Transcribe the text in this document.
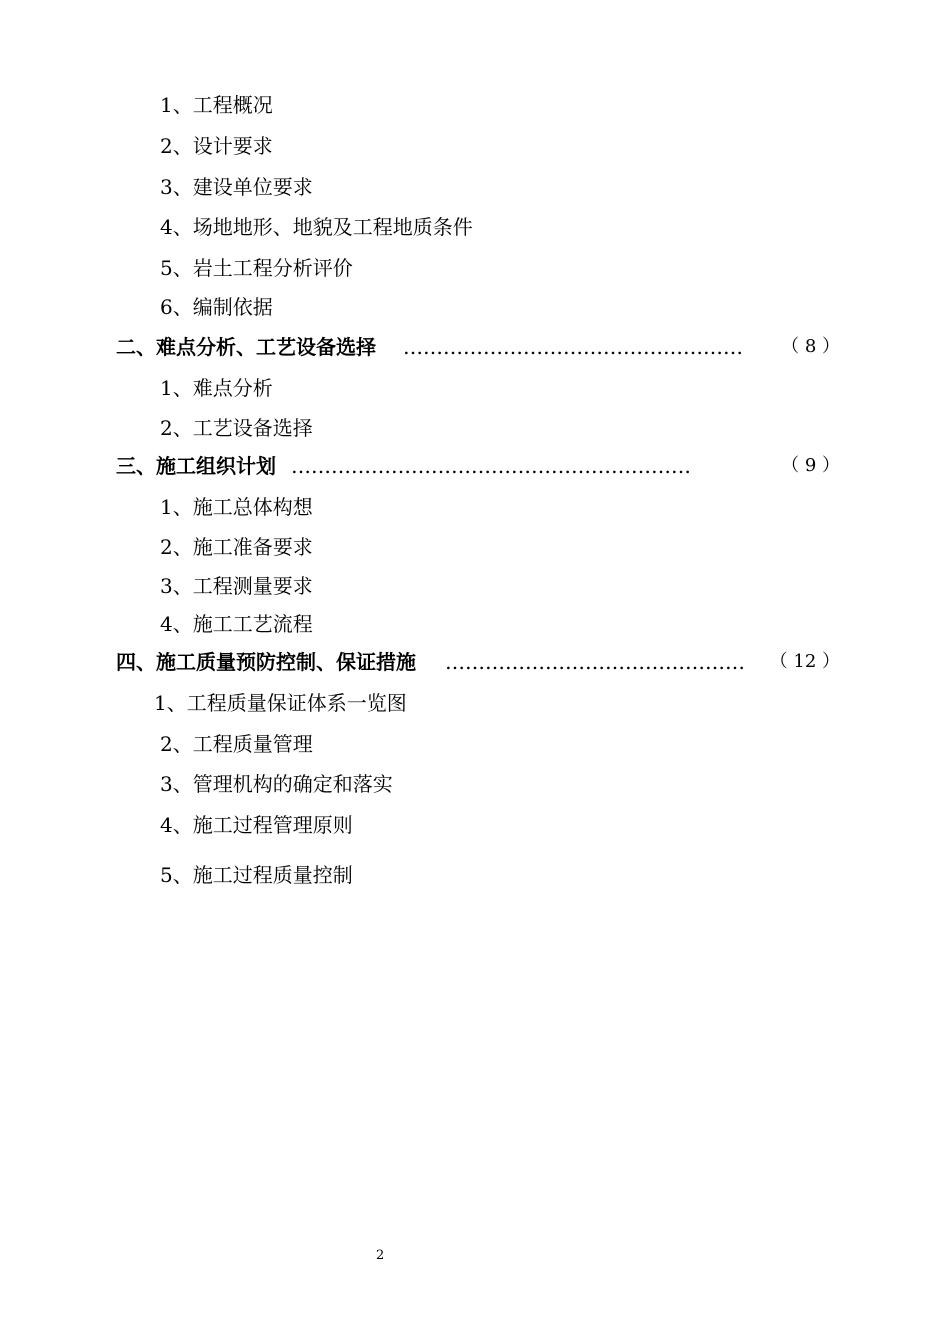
1、工程概况
2、设计要求
3、建设单位要求
4、场地地形、地貌及工程地质条件
5、岩土工程分析评价
6、编制依据
二、难点分析、工艺设备选择 ……………………………………………	（ 8 ）
1、难点分析
2、工艺设备选择
三、施工组织计划 ……………………………………………………	（ 9 ）
1、施工总体构想
2、施工准备要求
3、工程测量要求
4、施工工艺流程
四、施工质量预防控制、保证措施 ………………………………………	（ 12 ）
1、工程质量保证体系一览图
2、工程质量管理
3、管理机构的确定和落实
4、施工过程管理原则
5、施工过程质量控制
2
